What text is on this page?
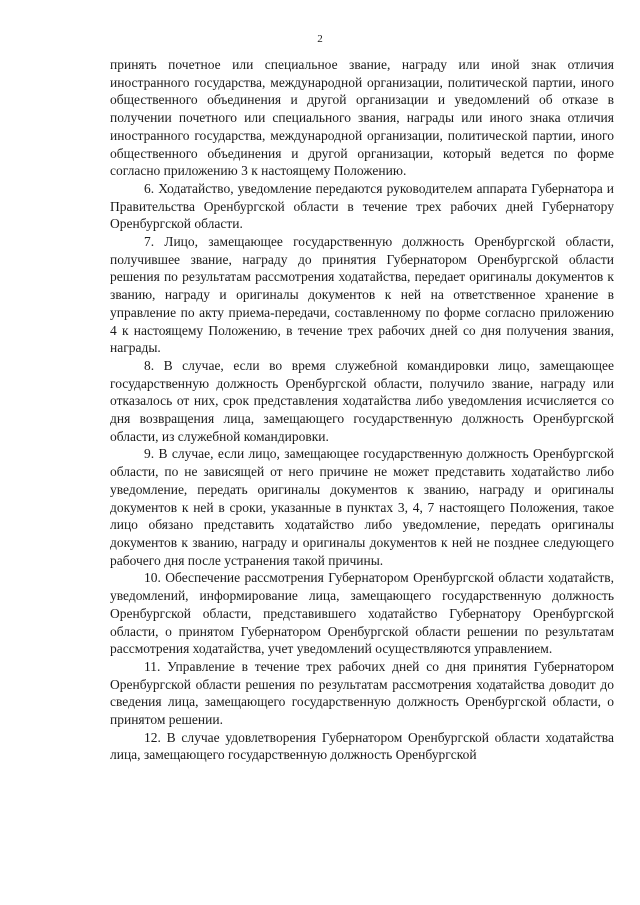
2

принять почетное или специальное звание, награду или иной знак отличия иностранного государства, международной организации, политической партии, иного общественного объединения и другой организации и уведомлений об отказе в получении почетного или специального звания, награды или иного знака отличия иностранного государства, международной организации, политической партии, иного общественного объединения и другой организации, который ведется по форме согласно приложению 3 к настоящему Положению.

6. Ходатайство, уведомление передаются руководителем аппарата Губернатора и Правительства Оренбургской области в течение трех рабочих дней Губернатору Оренбургской области.

7. Лицо, замещающее государственную должность Оренбургской области, получившее звание, награду до принятия Губернатором Оренбургской области решения по результатам рассмотрения ходатайства, передает оригиналы документов к званию, награду и оригиналы документов к ней на ответственное хранение в управление по акту приема-передачи, составленному по форме согласно приложению 4 к настоящему Положению, в течение трех рабочих дней со дня получения звания, награды.

8. В случае, если во время служебной командировки лицо, замещающее государственную должность Оренбургской области, получило звание, награду или отказалось от них, срок представления ходатайства либо уведомления исчисляется со дня возвращения лица, замещающего государственную должность Оренбургской области, из служебной командировки.

9. В случае, если лицо, замещающее государственную должность Оренбургской области, по не зависящей от него причине не может представить ходатайство либо уведомление, передать оригиналы документов к званию, награду и оригиналы документов к ней в сроки, указанные в пунктах 3, 4, 7 настоящего Положения, такое лицо обязано представить ходатайство либо уведомление, передать оригиналы документов к званию, награду и оригиналы документов к ней не позднее следующего рабочего дня после устранения такой причины.

10. Обеспечение рассмотрения Губернатором Оренбургской области ходатайств, уведомлений, информирование лица, замещающего государственную должность Оренбургской области, представившего ходатайство Губернатору Оренбургской области, о принятом Губернатором Оренбургской области решении по результатам рассмотрения ходатайства, учет уведомлений осуществляются управлением.

11. Управление в течение трех рабочих дней со дня принятия Губернатором Оренбургской области решения по результатам рассмотрения ходатайства доводит до сведения лица, замещающего государственную должность Оренбургской области, о принятом решении.

12. В случае удовлетворения Губернатором Оренбургской области ходатайства лица, замещающего государственную должность Оренбургской
